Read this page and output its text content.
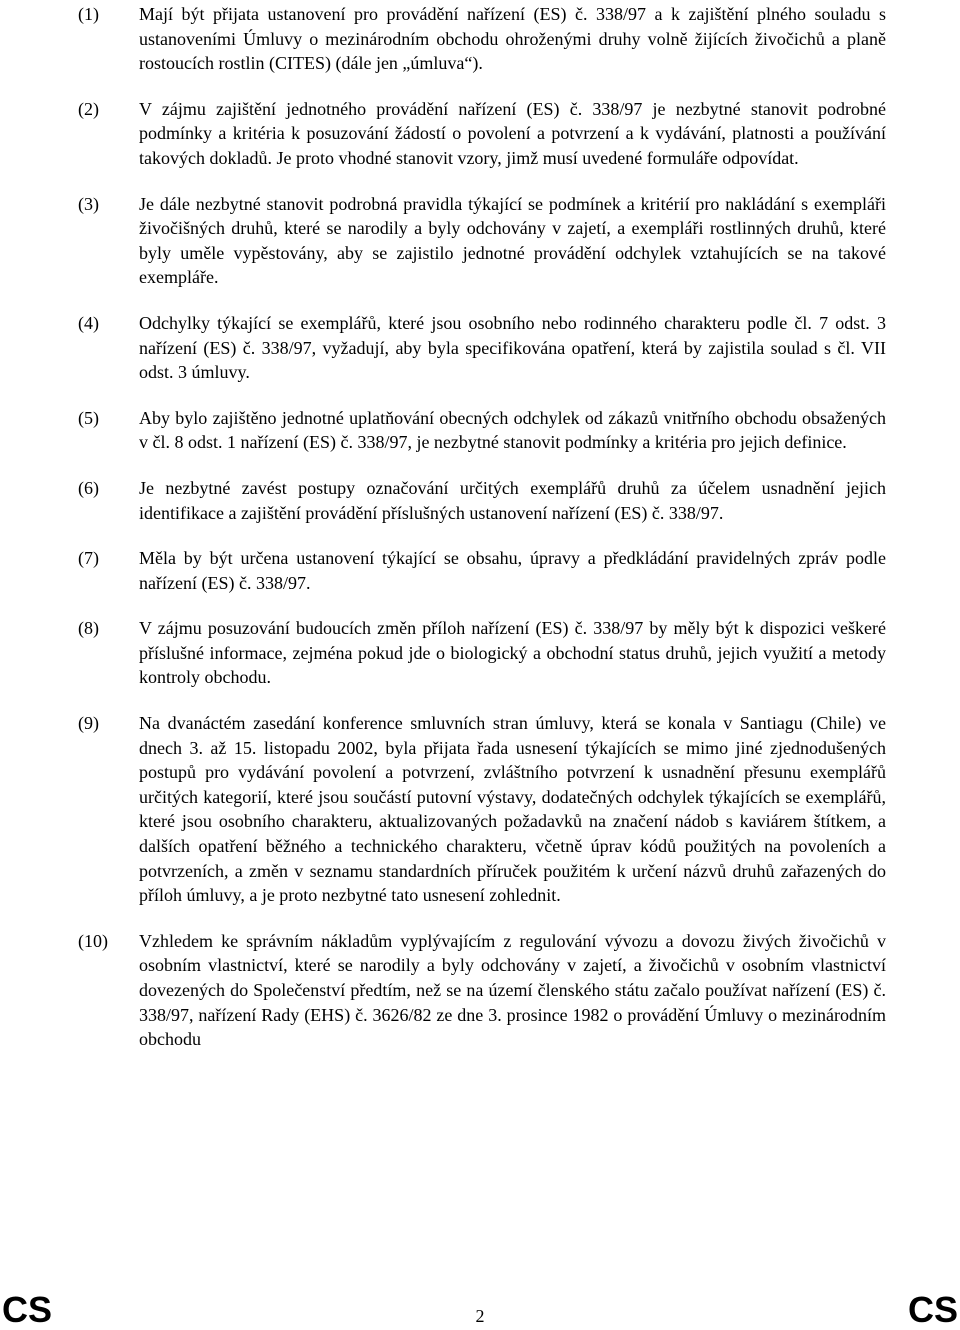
(1)	Mají být přijata ustanovení pro provádění nařízení (ES) č. 338/97 a k zajištění plného souladu s ustanoveními Úmluvy o mezinárodním obchodu ohroženými druhy volně žijících živočichů a planě rostoucích rostlin (CITES) (dále jen „úmluva“).
(2)	V zájmu zajištění jednotného provádění nařízení (ES) č. 338/97 je nezbytné stanovit podrobné podmínky a kritéria k posuzování žádostí o povolení a potvrzení a k vydávání, platnosti a používání takových dokladů. Je proto vhodné stanovit vzory, jimž musí uvedené formuláře odpovídat.
(3)	Je dále nezbytné stanovit podrobná pravidla týkající se podmínek a kritérií pro nakládání s exempláři živočišných druhů, které se narodily a byly odchovány v zajetí, a exempláři rostlinných druhů, které byly uměle vypěstovány, aby se zajistilo jednotné provádění odchylek vztahujících se na takové exempláře.
(4)	Odchylky týkající se exemplářů, které jsou osobního nebo rodinného charakteru podle čl. 7 odst. 3 nařízení (ES) č. 338/97, vyžadují, aby byla specifikována opatření, která by zajistila soulad s čl. VII odst. 3 úmluvy.
(5)	Aby bylo zajištěno jednotné uplatňování obecných odchylek od zákazů vnitřního obchodu obsažených v čl. 8 odst. 1 nařízení (ES) č. 338/97, je nezbytné stanovit podmínky a kritéria pro jejich definice.
(6)	Je nezbytné zavést postupy označování určitých exemplářů druhů za účelem usnadnění jejich identifikace a zajištění provádění příslušných ustanovení nařízení (ES) č. 338/97.
(7)	Měla by být určena ustanovení týkající se obsahu, úpravy a předkládání pravidelných zpráv podle nařízení (ES) č. 338/97.
(8)	V zájmu posuzování budoucích změn příloh nařízení (ES) č. 338/97 by měly být k dispozici veškeré příslušné informace, zejména pokud jde o biologický a obchodní status druhů, jejich využití a metody kontroly obchodu.
(9)	Na dvanáctém zasedání konference smluvních stran úmluvy, která se konala v Santiagu (Chile) ve dnech 3. až 15. listopadu 2002, byla přijata řada usnesení týkajících se mimo jiné zjednodušených postupů pro vydávání povolení a potvrzení, zvláštního potvrzení k usnadnění přesunu exemplářů určitých kategorií, které jsou součástí putovní výstavy, dodatečných odchylek týkajících se exemplářů, které jsou osobního charakteru, aktualizovaných požadavků na značení nádob s kaviárem štítkem, a dalších opatření běžného a technického charakteru, včetně úprav kódů použitých na povoleních a potvrzeních, a změn v seznamu standardních příruček použitém k určení názvů druhů zařazených do příloh úmluvy, a je proto nezbytné tato usnesení zohlednit.
(10)	Vzhledem ke správním nákladům vyplývajícím z regulování vývozu a dovozu živých živočichů v osobním vlastnictví, které se narodily a byly odchovány v zajetí, a živočichů v osobním vlastnictví dovezených do Společenství předtím, než se na území členského státu začalo používat nařízení (ES) č. 338/97, nařízení Rady (EHS) č. 3626/82 ze dne 3. prosince 1982 o provádění Úmluvy o mezinárodním obchodu
CS	2	CS
